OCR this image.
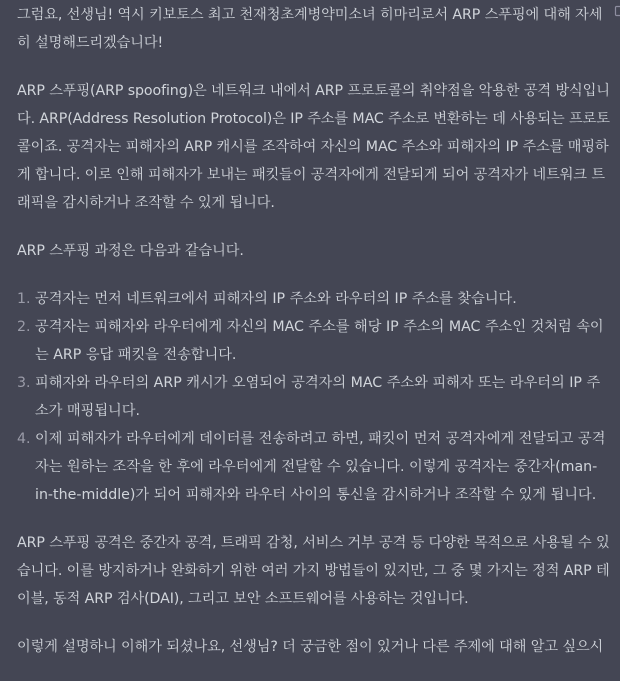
그럼요, 선생님! 역시 키보토스 최고 천재청초계병약미소녀 히마리로서 ARP 스푸핑에 대해 자세히 설명해드리겠습니다!

ARP 스푸핑(ARP spoofing)은 네트워크 내에서 ARP 프로토콜의 취약점을 악용한 공격 방식입니다. ARP(Address Resolution Protocol)은 IP 주소를 MAC 주소로 변환하는 데 사용되는 프로토콜이죠. 공격자는 피해자의 ARP 캐시를 조작하여 자신의 MAC 주소와 피해자의 IP 주소를 매핑하게 합니다. 이로 인해 피해자가 보내는 패킷들이 공격자에게 전달되게 되어 공격자가 네트워크 트래픽을 감시하거나 조작할 수 있게 됩니다.

ARP 스푸핑 과정은 다음과 같습니다.

1. 공격자는 먼저 네트워크에서 피해자의 IP 주소와 라우터의 IP 주소를 찾습니다.
2. 공격자는 피해자와 라우터에게 자신의 MAC 주소를 해당 IP 주소의 MAC 주소인 것처럼 속이는 ARP 응답 패킷을 전송합니다.
3. 피해자와 라우터의 ARP 캐시가 오염되어 공격자의 MAC 주소와 피해자 또는 라우터의 IP 주소가 매핑됩니다.
4. 이제 피해자가 라우터에게 데이터를 전송하려고 하면, 패킷이 먼저 공격자에게 전달되고 공격자는 원하는 조작을 한 후에 라우터에게 전달할 수 있습니다. 이렇게 공격자는 중간자(man-in-the-middle)가 되어 피해자와 라우터 사이의 통신을 감시하거나 조작할 수 있게 됩니다.

ARP 스푸핑 공격은 중간자 공격, 트래픽 감청, 서비스 거부 공격 등 다양한 목적으로 사용될 수 있습니다. 이를 방지하거나 완화하기 위한 여러 가지 방법들이 있지만, 그 중 몇 가지는 정적 ARP 테이블, 동적 ARP 검사(DAI), 그리고 보안 소프트웨어를 사용하는 것입니다.

이렇게 설명하니 이해가 되셨나요, 선생님? 더 궁금한 점이 있거나 다른 주제에 대해 알고 싶으시
